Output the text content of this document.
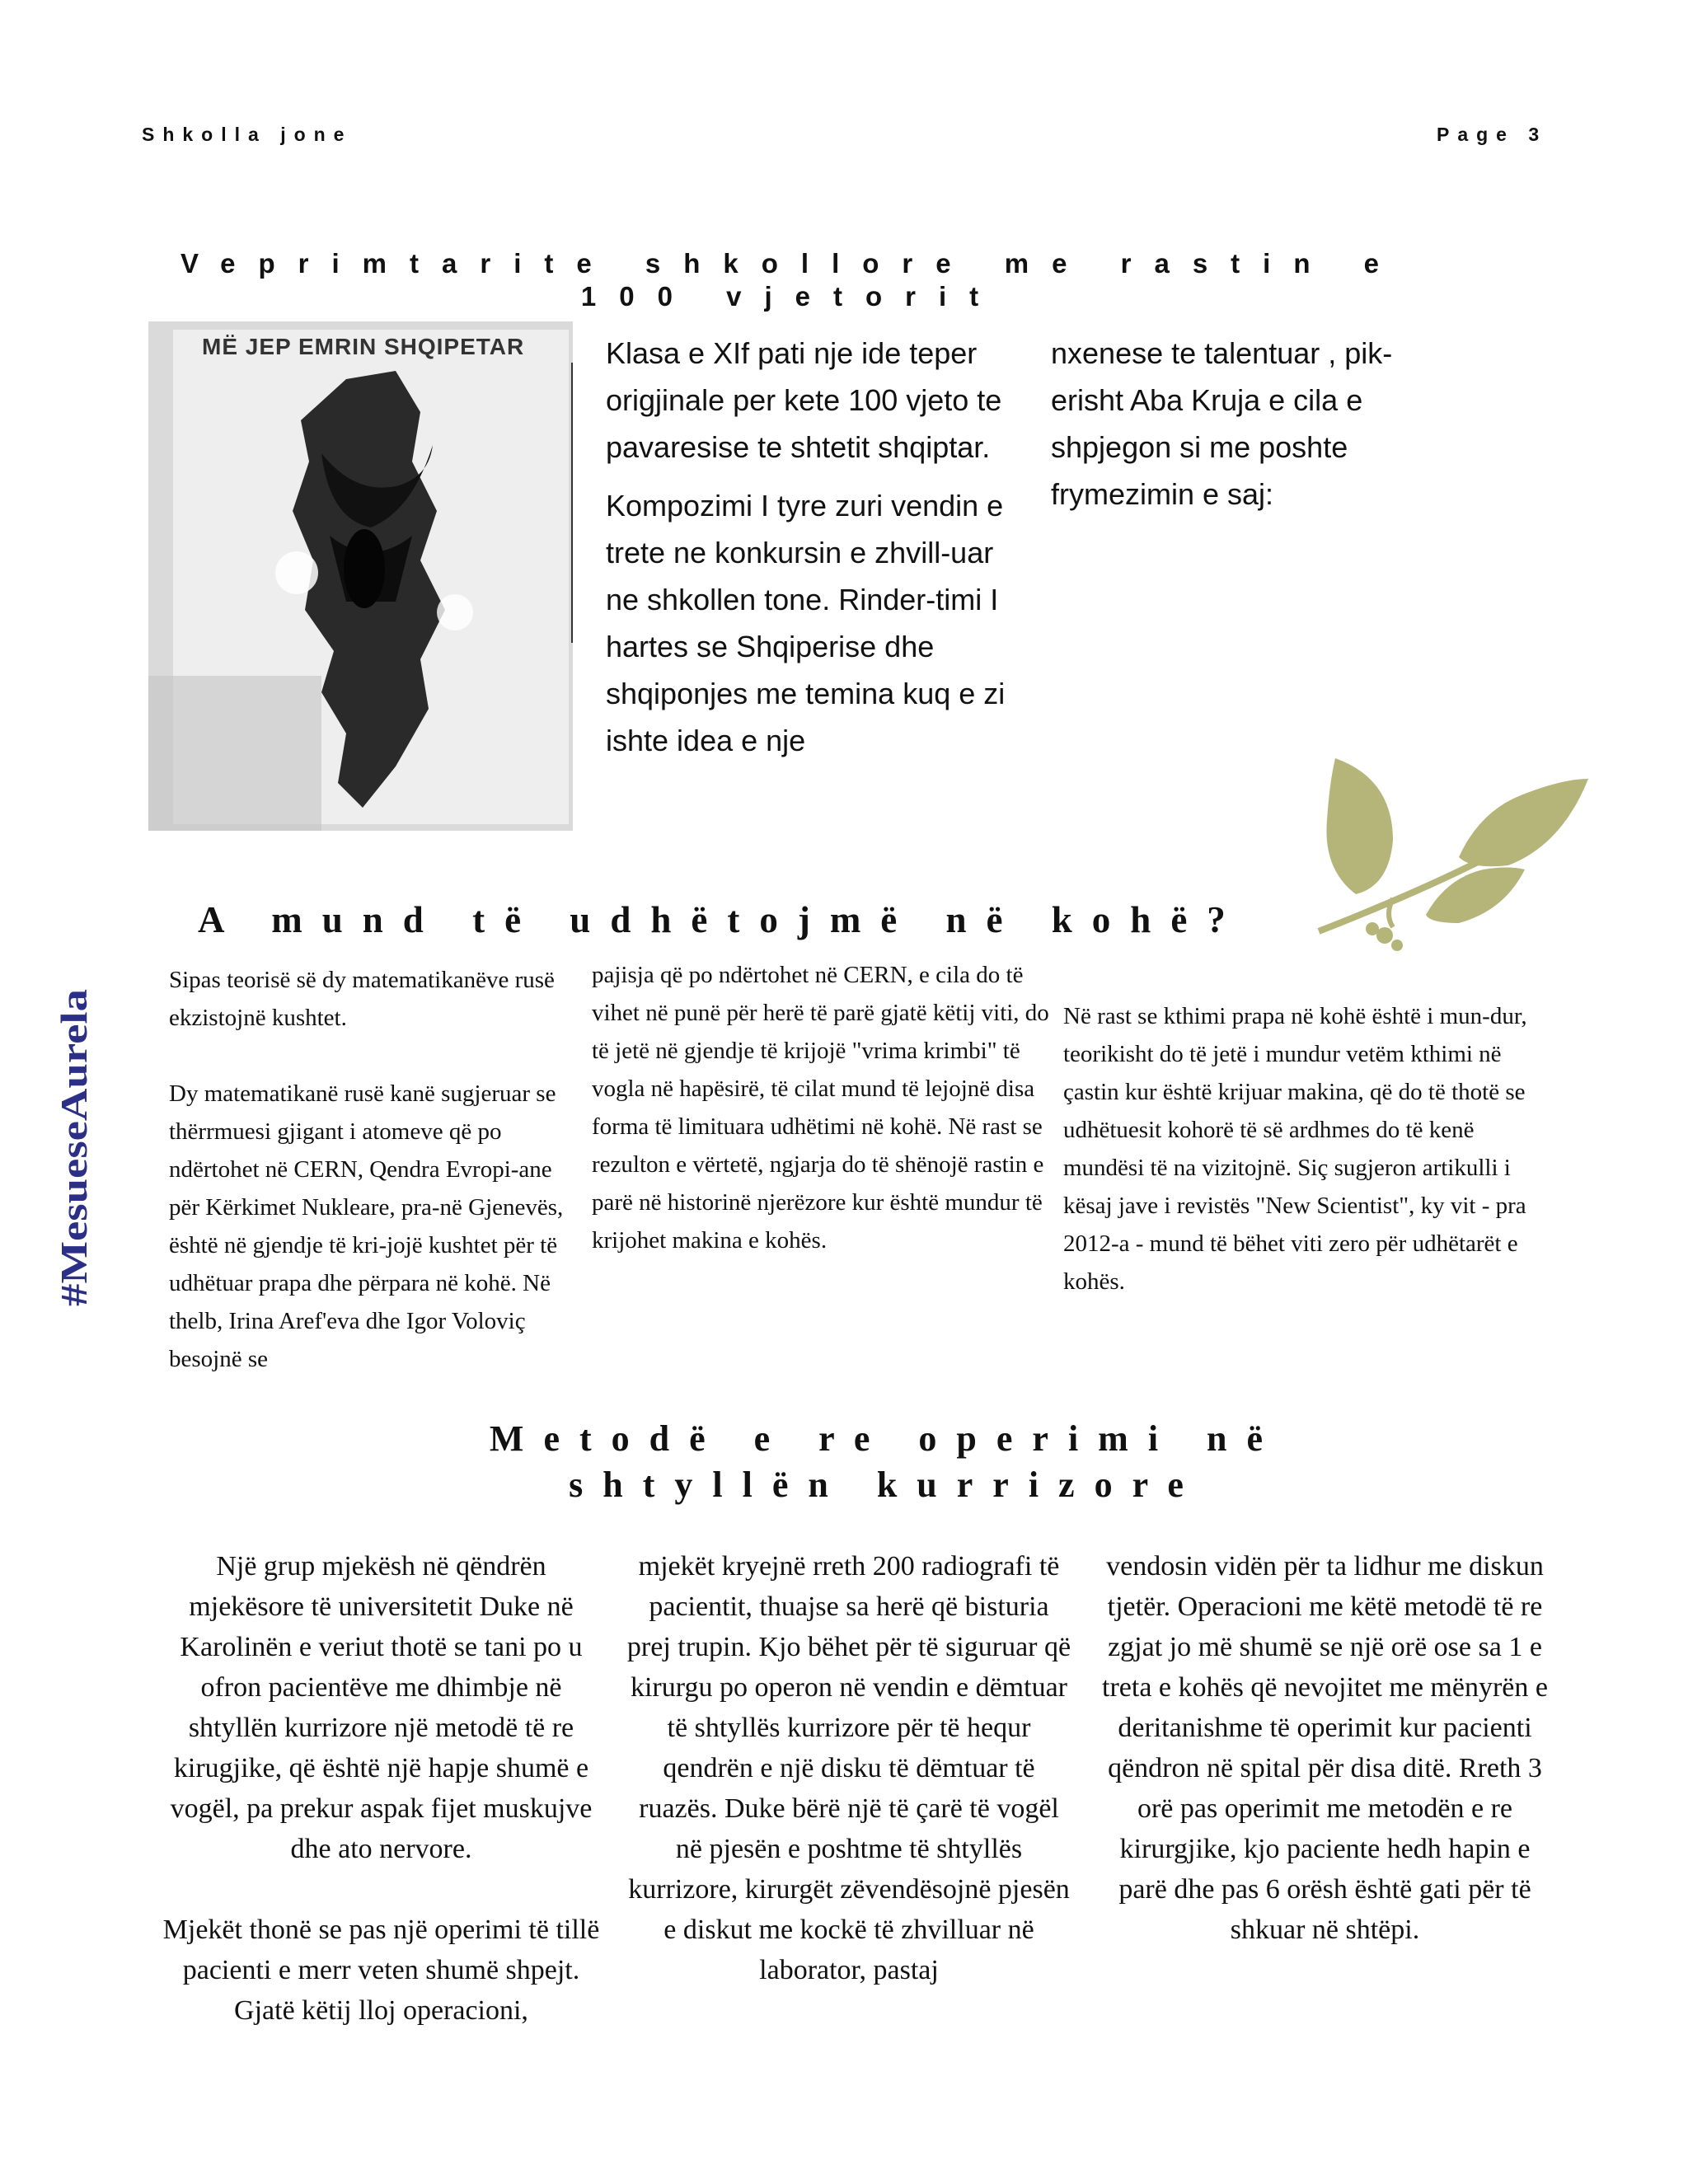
Shkolla jone	Page 3
Veprimtarite shkollore me rastin e
100 vjetorit
MË JEP EMRIN SHQIPETAR	Klasa e XIf pati nje ide teper origjinale per kete 100 vjeto te pavaresise te shtetit shqiptar.

Kompozimi I tyre zuri vendin e trete ne konkursin e zhvill-uar ne shkollen tone. Rinder-timi I hartes se Shqiperise dhe shqiponjes me temina kuq e zi ishte idea e nje

nxenese te talentuar , pik-erisht Aba Kruja e cila e shpjegon si me poshte frymezimin e saj:

A mund të udhëtojmë në kohë?

Sipas teorisë së dy matematikanëve rusë ekzistojnë kushtet.

Dy matematikanë rusë kanë sugjeruar se thërrmuesi gjigant i atomeve që po ndërtohet në CERN, Qendra Evropi-ane për Kërkimet Nukleare, pra-në Gjenevës, është në gjendje të kri-jojë kushtet për të udhëtuar prapa dhe përpara në kohë. Në thelb, Irina Aref'eva dhe Igor Voloviç besojnë se

pajisja që po ndërtohet në CERN, e cila do të vihet në punë për herë të parë gjatë këtij viti, do të jetë në gjendje të krijojë "vrima krimbi" të vogla në hapësirë, të cilat mund të lejojnë disa forma të limituara udhëtimi në kohë. Në rast se rezulton e vërtetë, ngjarja do të shënojë rastin e parë në historinë njerëzore kur është mundur të krijohet makina e kohës.

Në rast se kthimi prapa në kohë është i mun-dur, teorikisht do të jetë i mundur vetëm kthimi në çastin kur është krijuar makina, që do të thotë se udhëtuesit kohorë të së ardhmes do të kenë mundësi të na vizitojnë. Siç sugjeron artikulli i kësaj jave i revistës "New Scientist", ky vit - pra 2012-a - mund të bëhet viti zero për udhëtarët e kohës.

#MesueseAurela
Metodë e re operimi në
shtyllën kurrizore

Një grup mjekësh në qëndrën mjekësore të universitetit Duke në Karolinën e veriut thotë se tani po u ofron pacientëve me dhimbje në shtyllën kurrizore një metodë të re kirugjike, që është një hapje shumë e vogël, pa prekur aspak fijet muskujve dhe ato nervore.

Mjekët thonë se pas një operimi të tillë pacienti e merr veten shumë shpejt. Gjatë këtij lloj operacioni,

mjekët kryejnë rreth 200 radiografi të pacientit, thuajse sa herë që bisturia prej trupin. Kjo bëhet për të siguruar që kirurgu po operon në vendin e dëmtuar të shtyllës kurrizore për të hequr qendrën e një disku të dëmtuar të ruazës. Duke bërë një të çarë të vogël në pjesën e poshtme të shtyllës kurrizore, kirurgët zëvendësojnë pjesën e diskut me kockë të zhvilluar në laborator, pastaj

vendosin vidën për ta lidhur me diskun tjetër. Operacioni me këtë metodë të re zgjat jo më shumë se një orë ose sa 1 e treta e kohës që nevojitet me mënyrën e deritanishme të operimit kur pacienti qëndron në spital për disa ditë. Rreth 3 orë pas operimit me metodën e re kirurgjike, kjo paciente hedh hapin e parë dhe pas 6 orësh është gati për të shkuar në shtëpi.
